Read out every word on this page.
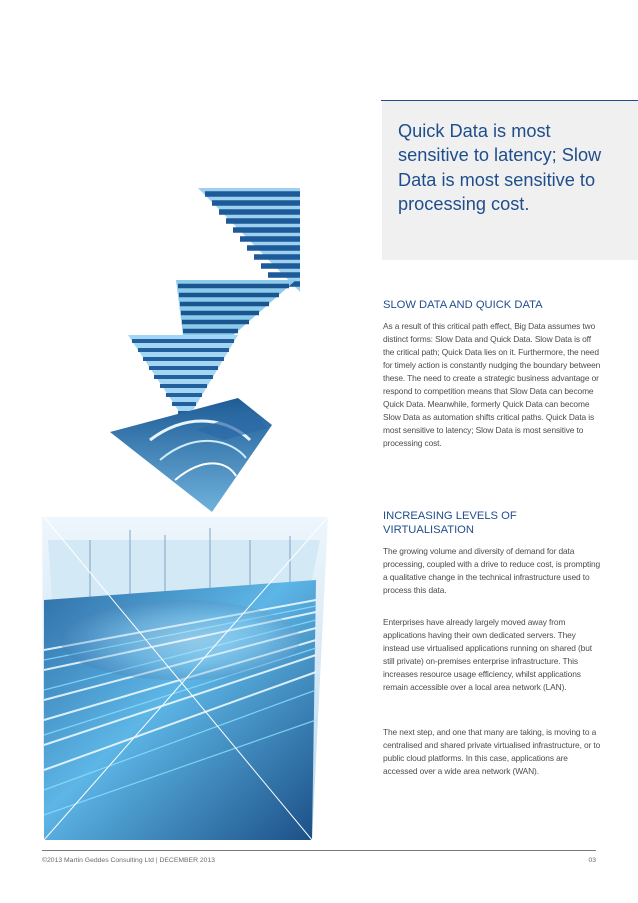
Quick Data is most sensitive to latency; Slow Data is most sensitive to processing cost.
SLOW DATA AND QUICK DATA

As a result of this critical path effect, Big Data assumes two distinct forms: Slow Data and Quick Data. Slow Data is off the critical path; Quick Data lies on it. Furthermore, the need for timely action is constantly nudging the boundary between these. The need to create a strategic business advantage or respond to competition means that Slow Data can become Quick Data. Meanwhile, formerly Quick Data can become Slow Data as automation shifts critical paths. Quick Data is most sensitive to latency; Slow Data is most sensitive to processing cost.

INCREASING LEVELS OF VIRTUALISATION

The growing volume and diversity of demand for data processing, coupled with a drive to reduce cost, is prompting a qualitative change in the technical infrastructure used to process this data.

Enterprises have already largely moved away from applications having their own dedicated servers. They instead use virtualised applications running on shared (but still private) on-premises enterprise infrastructure. This increases resource usage efficiency, whilst applications remain accessible over a local area network (LAN).

The next step, and one that many are taking, is moving to a centralised and shared private virtualised infrastructure, or to public cloud platforms. In this case, applications are accessed over a wide area network (WAN).

©2013 Martin Geddes Consulting Ltd | DECEMBER 2013	03
